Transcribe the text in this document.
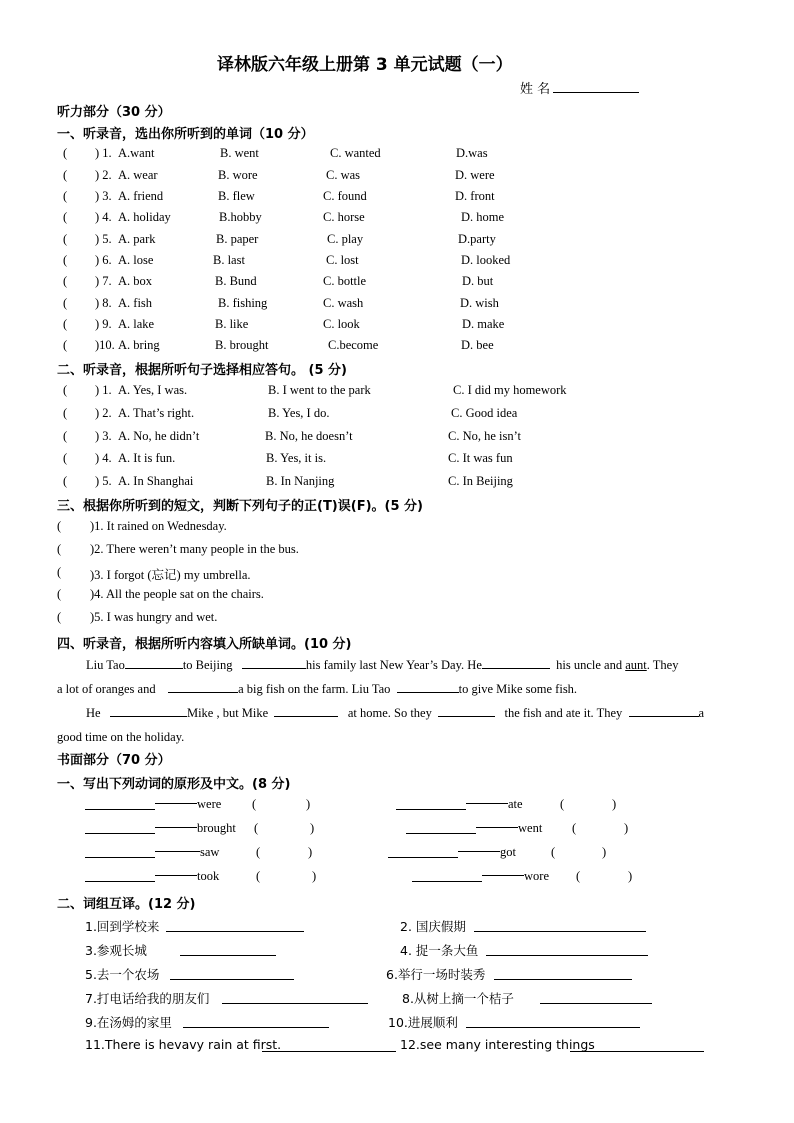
译林版六年级上册第 3 单元试题（一）
姓 名
听力部分（30 分）
一、听录音，选出你所听到的单词（10 分）
( ) 1. A.want	B. went	C. wanted	D.was
( ) 2. A. wear	B. wore	C. was	D. were
( ) 3. A. friend	B. flew	C. found	D. front
( ) 4. A. holiday	B.hobby	C. horse	D. home
( ) 5. A. park	B. paper	C. play	D.party
( ) 6. A. lose	B. last	C. lost	D. looked
( ) 7. A. box	B. Bund	C. bottle	D. but
( ) 8. A. fish	B. fishing	C. wash	D. wish
( ) 9. A. lake	B. like	C. look	D. make
( )10. A. bring	B. brought	C.become	D. bee
二、听录音，根据所听句子选择相应答句。 (5 分)
( ) 1. A. Yes, I was.	B. I went to the park	C. I did my homework
( ) 2. A. That’s right.	B. Yes, I do.	C. Good idea
( ) 3. A. No, he didn’t	B. No, he doesn’t	C. No, he isn’t
( ) 4. A. It is fun.	B. Yes, it is.	C. It was fun
( ) 5. A. In Shanghai	B. In Nanjing	C. In Beijing
三、根据你所听到的短文，判断下列句子的正(T)误(F)。(5 分)
( )1. It rained on Wednesday.
( )2. There weren’t many people in the bus.
( )3. I forgot (忘记) my umbrella.
( )4. All the people sat on the chairs.
( )5. I was hungry and wet.
四、听录音，根据所听内容填入所缺单词。(10 分)
Liu Tao	to Beijing	his family last New Year’s Day. He	his uncle and aunt. They
a lot of oranges and	a big fish on the farm. Liu Tao	to give Mike some fish.
He	Mike , but Mike	at home. So they	the fish and ate it. They	a
good time on the holiday.
书面部分（70 分）
一、写出下列动词的原形及中文。(8 分)
were (	)	ate	(	)
brought (	)	went (	)
saw	(	)	got	(	)
took	(	)	wore (	)
二、词组互译。(12 分)
1.回到学校来	2. 国庆假期
3.参观长城	4. 捉一条大鱼
5.去一个农场	6.举行一场时装秀
7.打电话给我的朋友们	8.从树上摘一个桔子
9.在汤姆的家里	10.进展顺利
11.There is hevavy rain at first.	12.see many interesting things
